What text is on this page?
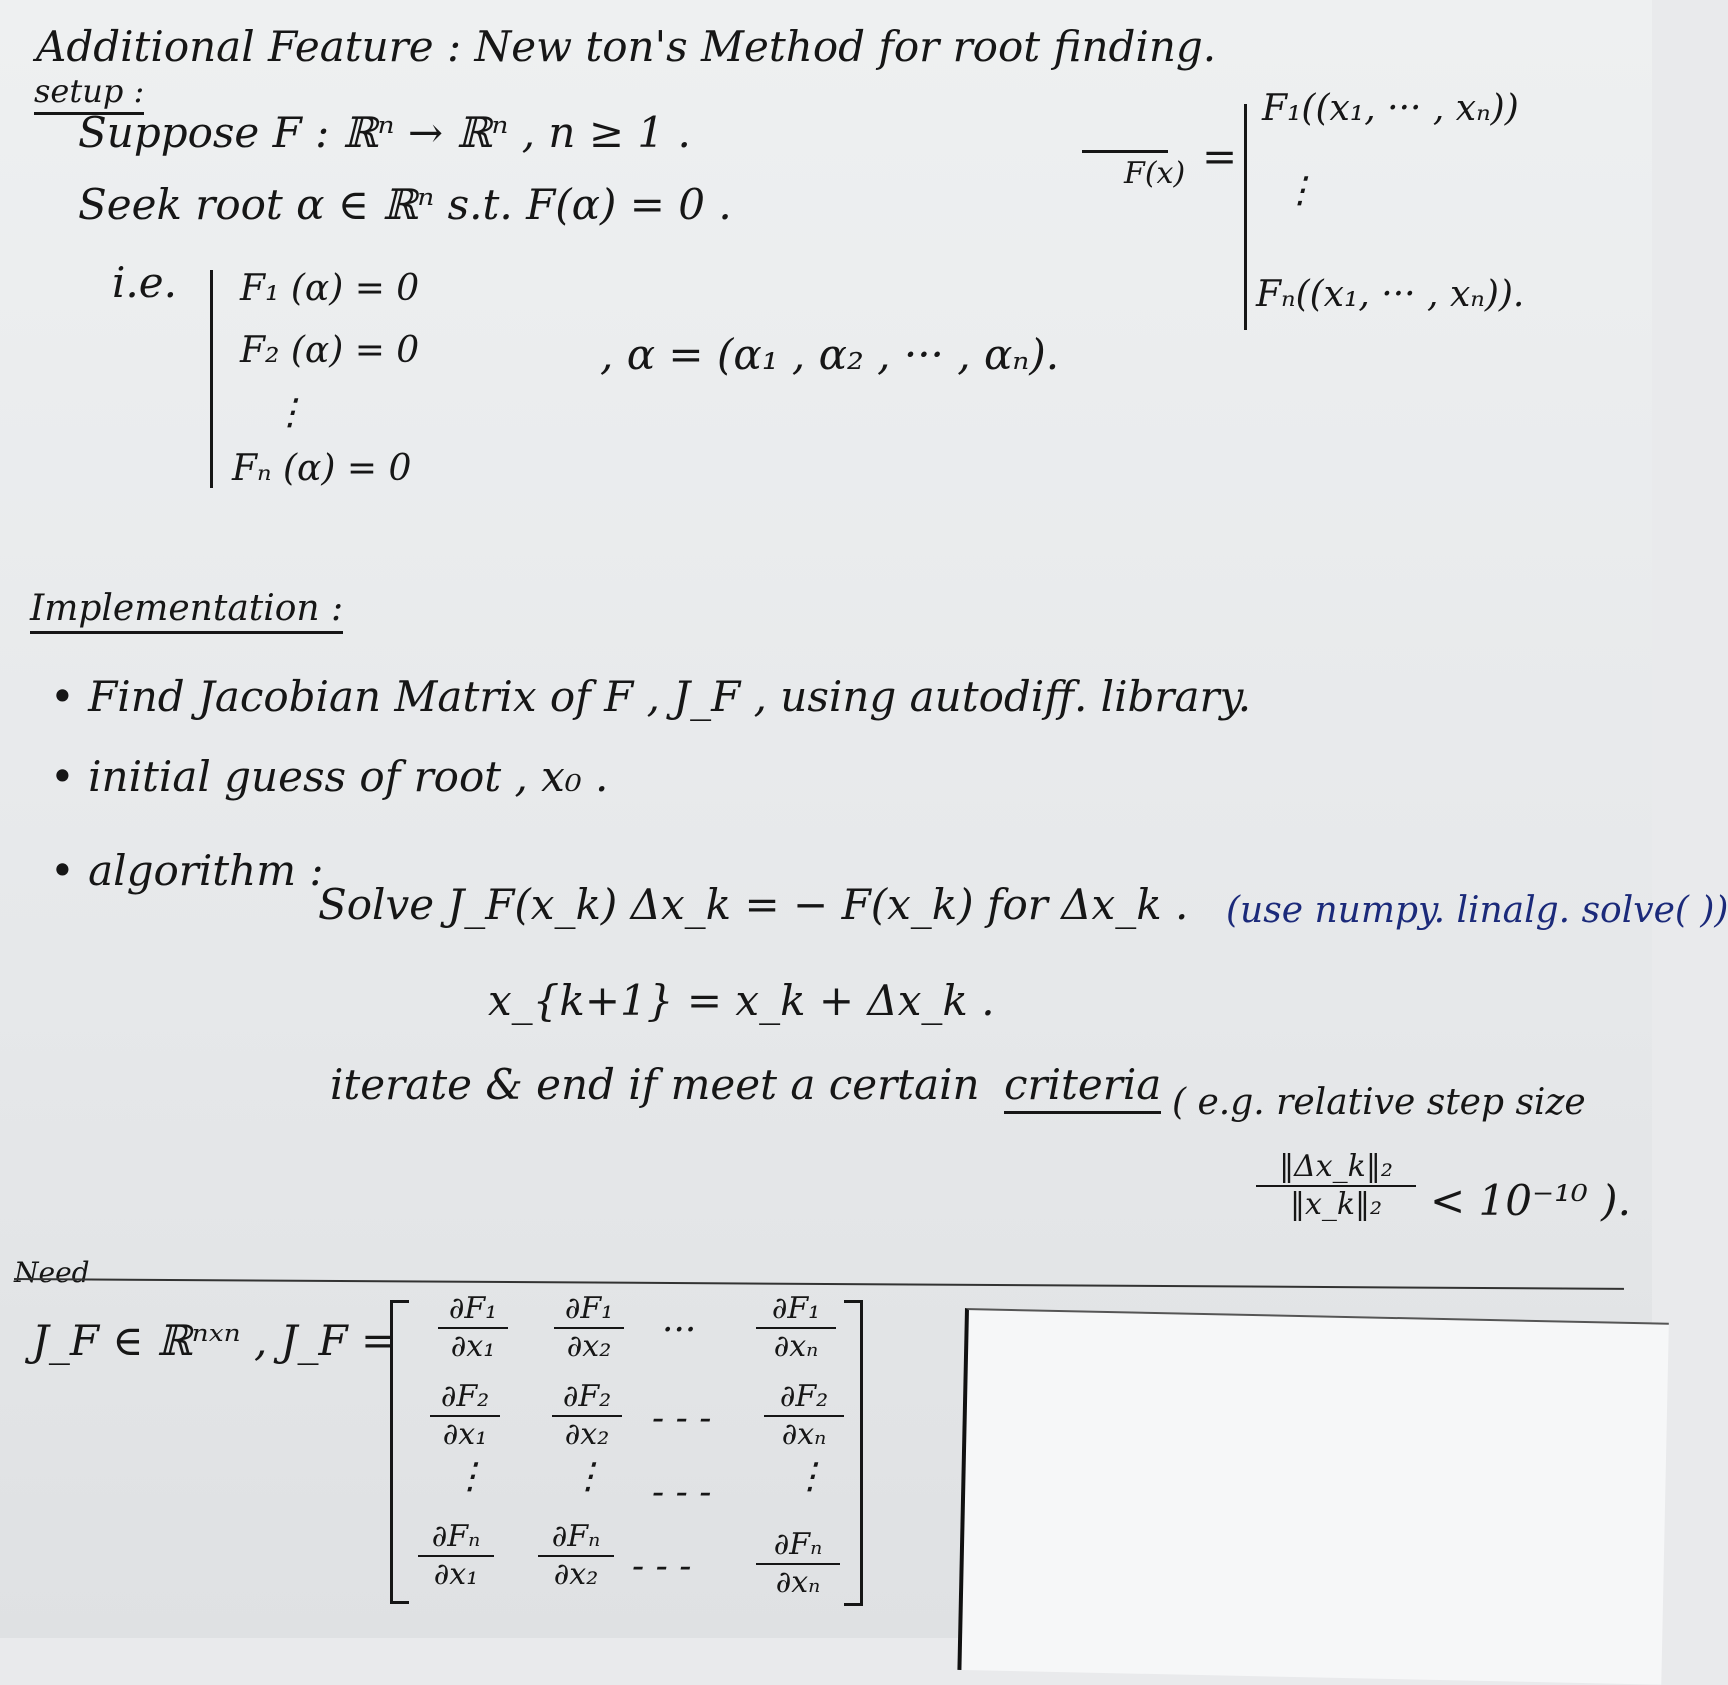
Additional Feature : New ton's Method for root finding.
setup :
Suppose F : ℝⁿ → ℝⁿ , n ≥ 1 .
Seek root α ∈ ℝⁿ s.t. F(α) = 0 .
i.e. F₁ (α) = 0
F₂ (α) = 0
⋮
Fₙ (α) = 0
, α = (α₁ , α₂ , ··· , αₙ).
F(x) =
F₁((x₁, ··· , xₙ))
⋮
Fₙ((x₁, ··· , xₙ)).
Implementation :
• Find Jacobian Matrix of F , J_F , using autodiff. library.
• initial guess of root , x₀ .
• algorithm :
Solve J_F(x_k) Δx_k = − F(x_k) for Δx_k . (use numpy. linalg. solve( ))
x_{k+1} = x_k + Δx_k .
iterate & end if meet a certain criteria ( e.g. relative step size
‖Δx_k‖₂
‖x_k‖₂ < 10⁻¹⁰ ).
Need
J_F ∈ ℝⁿˣⁿ , J_F =
∂F₁
∂x₁
∂F₁
∂x₂ ···
∂F₁
∂xₙ
∂F₂
∂x₁
∂F₂
∂x₂ - - -
∂F₂
∂xₙ
⋮ ⋮ - - - ⋮
∂Fₙ
∂x₁
∂Fₙ
∂x₂ - - -
∂Fₙ
∂xₙ
